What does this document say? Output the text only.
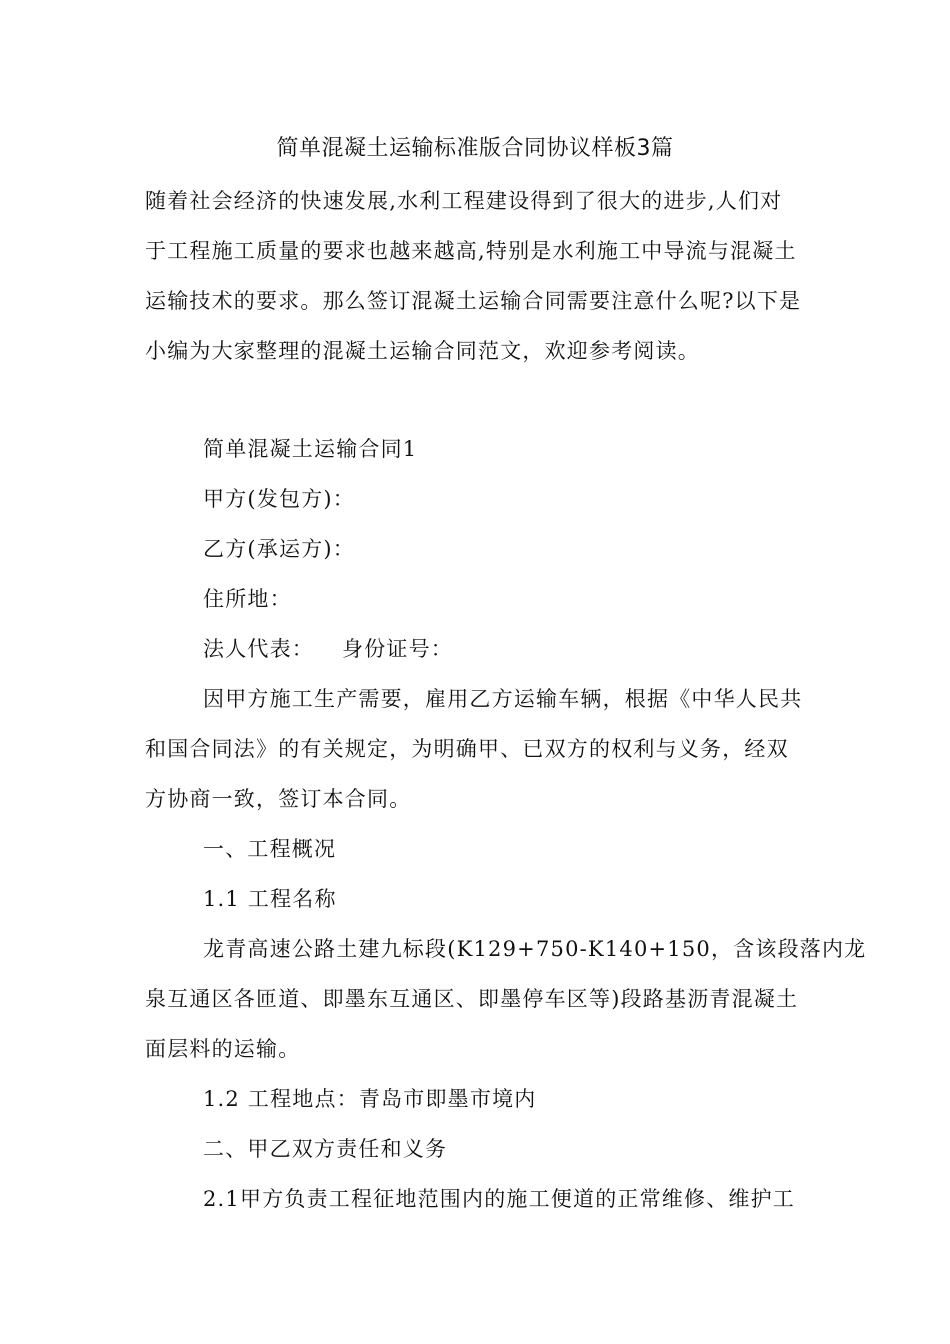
简单混凝土运输标准版合同协议样板3篇
随着社会经济的快速发展,水利工程建设得到了很大的进步,人们对
于工程施工质量的要求也越来越高,特别是水利施工中导流与混凝土
运输技术的要求。那么签订混凝土运输合同需要注意什么呢?以下是
小编为大家整理的混凝土运输合同范文，欢迎参考阅读。
简单混凝土运输合同1
甲方(发包方)：
乙方(承运方)：
住所地：
法人代表： 身份证号：
因甲方施工生产需要，雇用乙方运输车辆，根据《中华人民共
和国合同法》的有关规定，为明确甲、已双方的权利与义务，经双
方协商一致，签订本合同。
一、工程概况
1.1 工程名称
龙青高速公路土建九标段(K129+750-K140+150，含该段落内龙
泉互通区各匝道、即墨东互通区、即墨停车区等)段路基沥青混凝土
面层料的运输。
1.2 工程地点：青岛市即墨市境内
二、甲乙双方责任和义务
2.1甲方负责工程征地范围内的施工便道的正常维修、维护工
